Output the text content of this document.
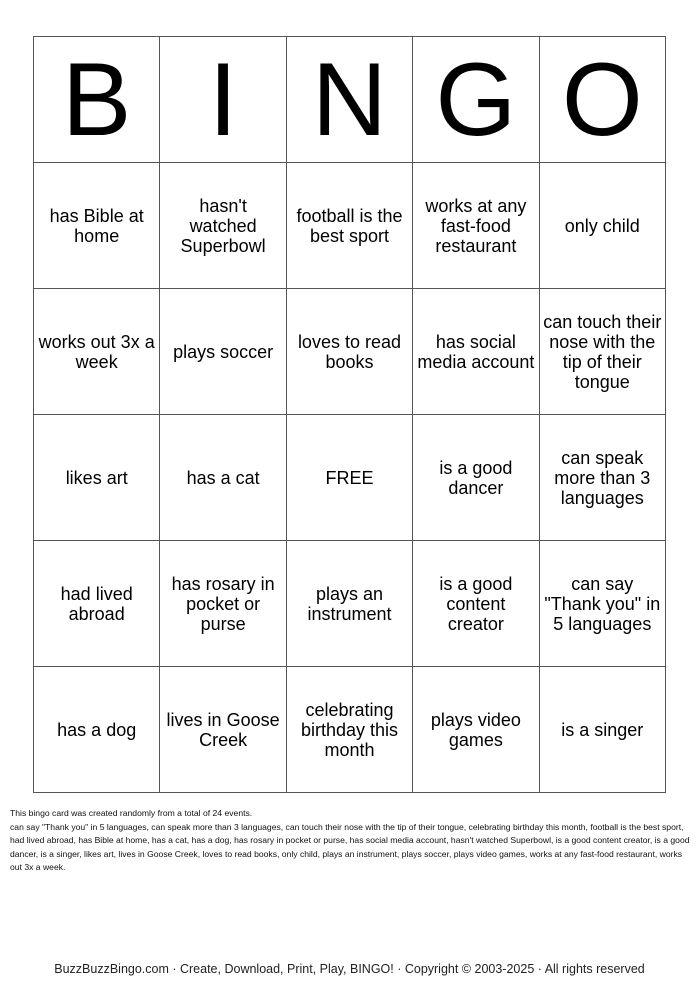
B	I	N	G	O
has Bible at home	hasn't watched Superbowl	football is the best sport	works at any fast-food restaurant	only child
works out 3x a week	plays soccer	loves to read books	has social media account	can touch their nose with the tip of their tongue
likes art	has a cat	FREE	is a good dancer	can speak more than 3 languages
had lived abroad	has rosary in pocket or purse	plays an instrument	is a good content creator	can say "Thank you" in 5 languages
has a dog	lives in Goose Creek	celebrating birthday this month	plays video games	is a singer

This bingo card was created randomly from a total of 24 events.

can say "Thank you" in 5 languages, can speak more than 3 languages, can touch their nose with the tip of their tongue, celebrating birthday this month, football is the best sport, had lived abroad, has Bible at home, has a cat, has a dog, has rosary in pocket or purse, has social media account, hasn't watched Superbowl, is a good content creator, is a good dancer, is a singer, likes art, lives in Goose Creek, loves to read books, only child, plays an instrument, plays soccer, plays video games, works at any fast-food restaurant, works out 3x a week.

BuzzBuzzBingo.com · Create, Download, Print, Play, BINGO! · Copyright © 2003-2025 · All rights reserved
